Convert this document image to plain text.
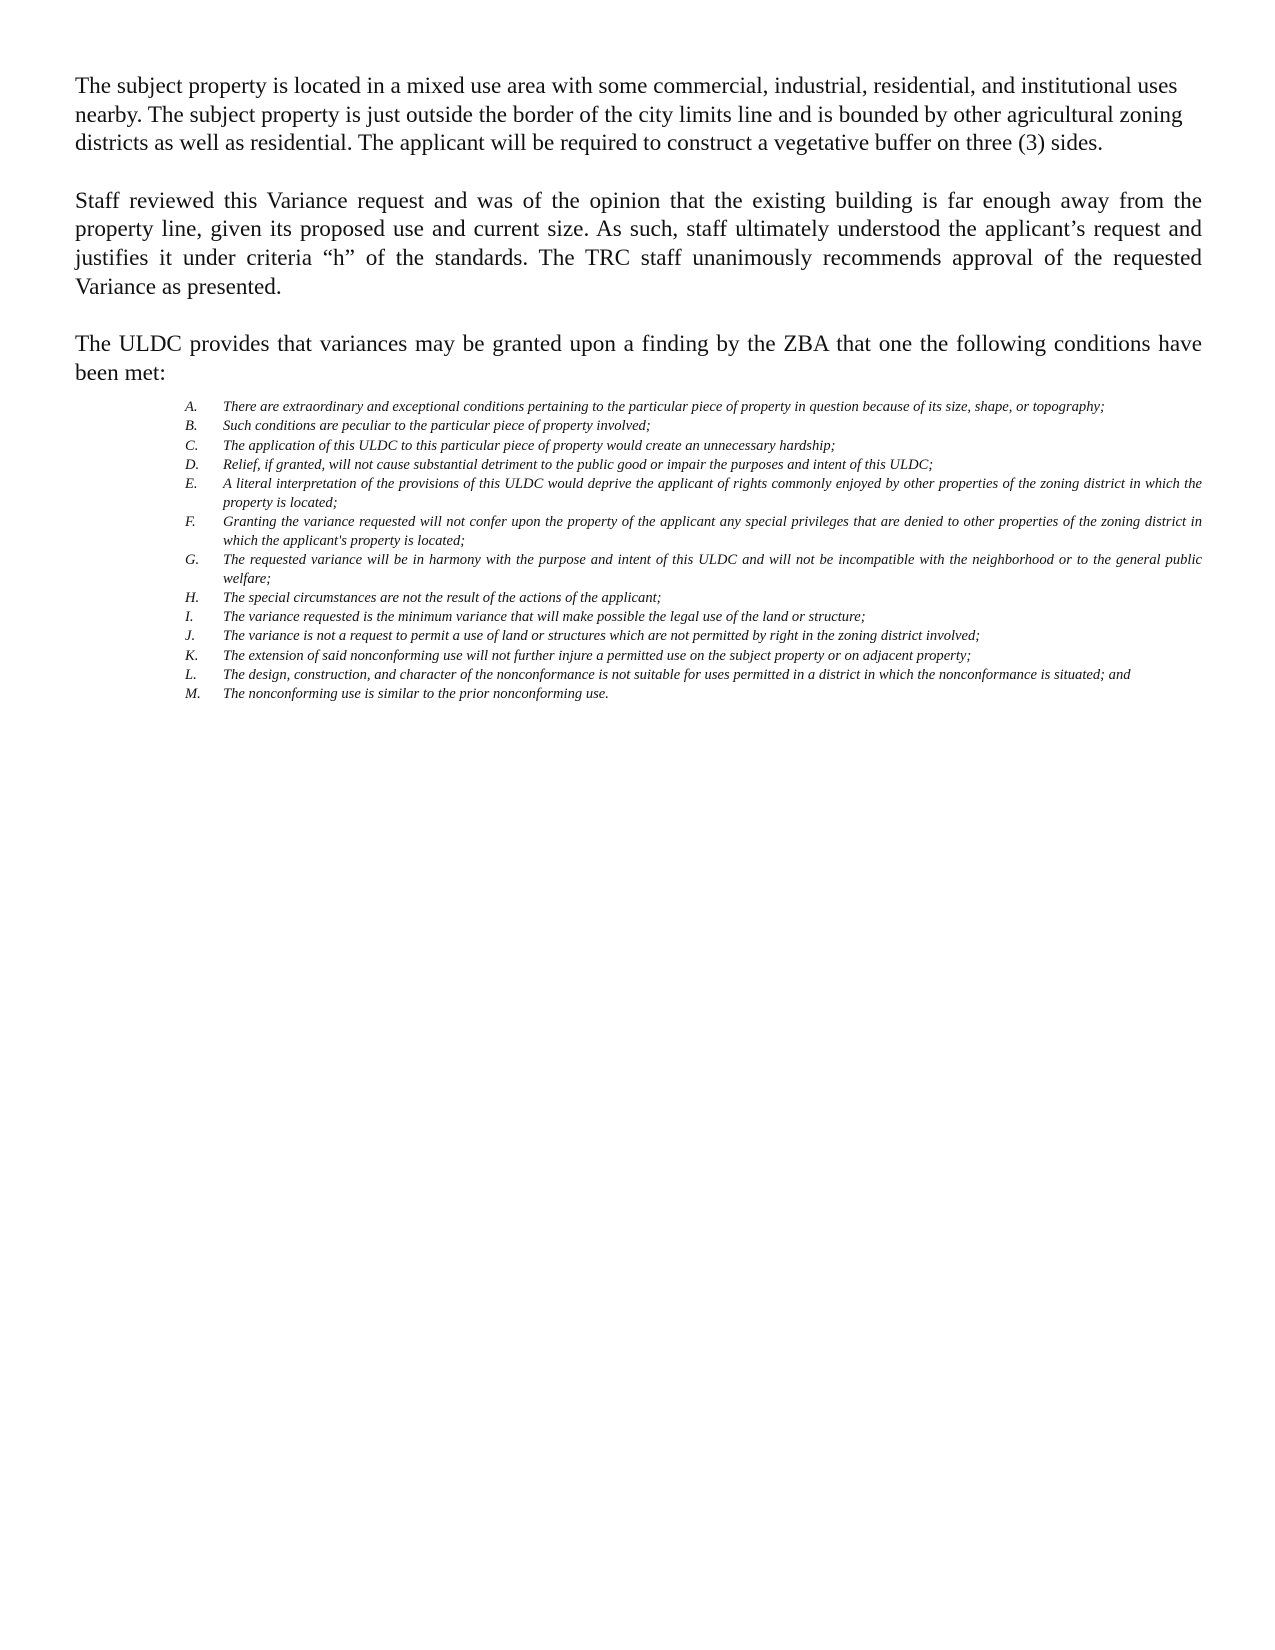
The subject property is located in a mixed use area with some commercial, industrial, residential, and institutional uses nearby. The subject property is just outside the border of the city limits line and is bounded by other agricultural zoning districts as well as residential. The applicant will be required to construct a vegetative buffer on three (3) sides.

Staff reviewed this Variance request and was of the opinion that the existing building is far enough away from the property line, given its proposed use and current size. As such, staff ultimately understood the applicant’s request and justifies it under criteria “h” of the standards. The TRC staff unanimously recommends approval of the requested Variance as presented.

The ULDC provides that variances may be granted upon a finding by the ZBA that one the following conditions have been met:

A.	There are extraordinary and exceptional conditions pertaining to the particular piece of property in question because of its size, shape, or topography;
B.	Such conditions are peculiar to the particular piece of property involved;
C.	The application of this ULDC to this particular piece of property would create an unnecessary hardship;
D.	Relief, if granted, will not cause substantial detriment to the public good or impair the purposes and intent of this ULDC;
E.	A literal interpretation of the provisions of this ULDC would deprive the applicant of rights commonly enjoyed by other properties of the zoning district in which the property is located;
F.	Granting the variance requested will not confer upon the property of the applicant any special privileges that are denied to other properties of the zoning district in which the applicant's property is located;
G.	The requested variance will be in harmony with the purpose and intent of this ULDC and will not be incompatible with the neighborhood or to the general public welfare;
H.	The special circumstances are not the result of the actions of the applicant;
I.	The variance requested is the minimum variance that will make possible the legal use of the land or structure;
J.	The variance is not a request to permit a use of land or structures which are not permitted by right in the zoning district involved;
K.	The extension of said nonconforming use will not further injure a permitted use on the subject property or on adjacent property;
L.	The design, construction, and character of the nonconformance is not suitable for uses permitted in a district in which the nonconformance is situated; and
M.	The nonconforming use is similar to the prior nonconforming use.
